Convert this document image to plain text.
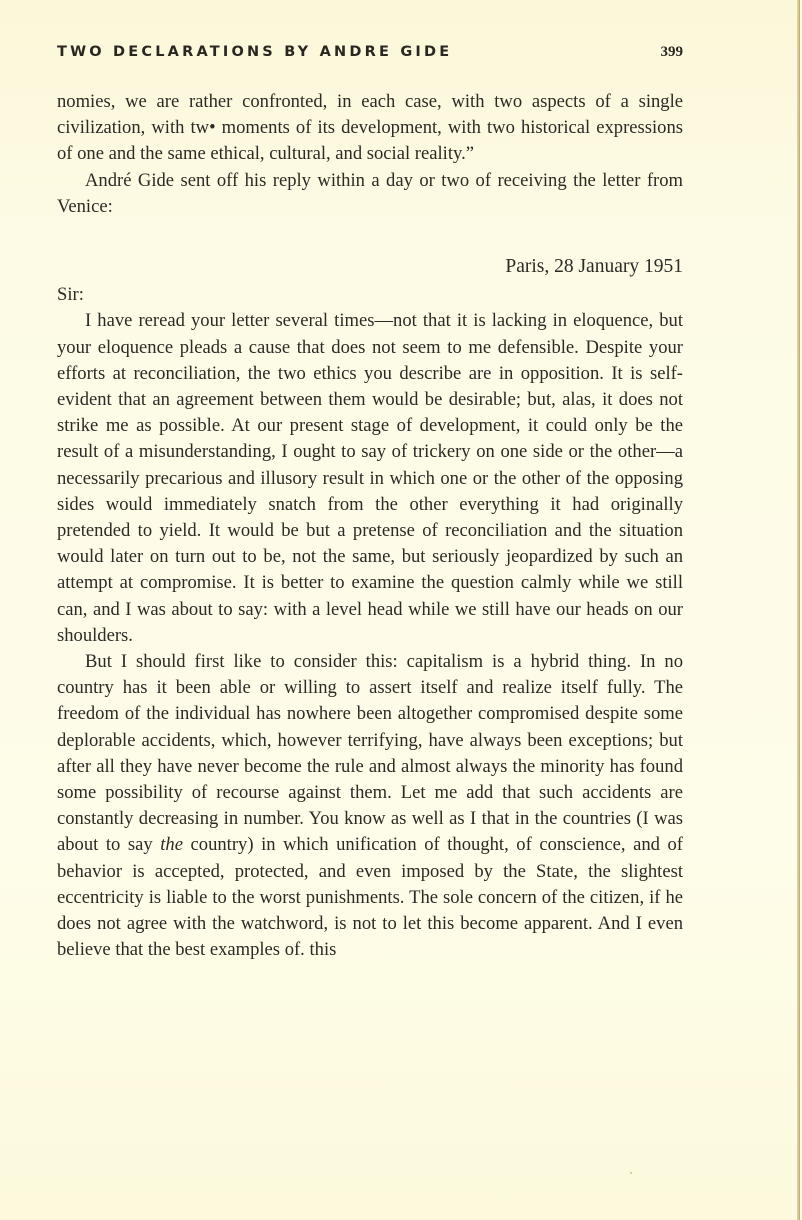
TWO DECLARATIONS BY ANDRE GIDE	399

nomies, we are rather confronted, in each case, with two aspects of a single civilization, with tw• moments of its development, with two historical expressions of one and the same ethical, cultural, and social reality.”

André Gide sent off his reply within a day or two of receiving the letter from Venice:

Paris, 28 January 1951

Sir:

I have reread your letter several times—not that it is lacking in eloquence, but your eloquence pleads a cause that does not seem to me defensible. Despite your efforts at reconciliation, the two ethics you describe are in opposition. It is self-evident that an agreement between them would be desirable; but, alas, it does not strike me as possible. At our present stage of development, it could only be the result of a misunderstanding, I ought to say of trickery on one side or the other—a necessarily precarious and illusory result in which one or the other of the opposing sides would immediately snatch from the other everything it had originally pretended to yield. It would be but a pretense of reconciliation and the situation would later on turn out to be, not the same, but seriously jeopardized by such an attempt at compromise. It is better to examine the question calmly while we still can, and I was about to say: with a level head while we still have our heads on our shoulders.

But I should first like to consider this: capitalism is a hybrid thing. In no country has it been able or willing to assert itself and realize itself fully. The freedom of the individual has nowhere been altogether compromised despite some deplorable accidents, which, however terrifying, have always been exceptions; but after all they have never become the rule and almost always the minority has found some possibility of recourse against them. Let me add that such accidents are constantly decreasing in number. You know as well as I that in the countries (I was about to say the country) in which unification of thought, of conscience, and of behavior is accepted, protected, and even imposed by the State, the slightest eccentricity is liable to the worst punishments. The sole concern of the citizen, if he does not agree with the watchword, is not to let this become apparent. And I even believe that the best examples of. this
